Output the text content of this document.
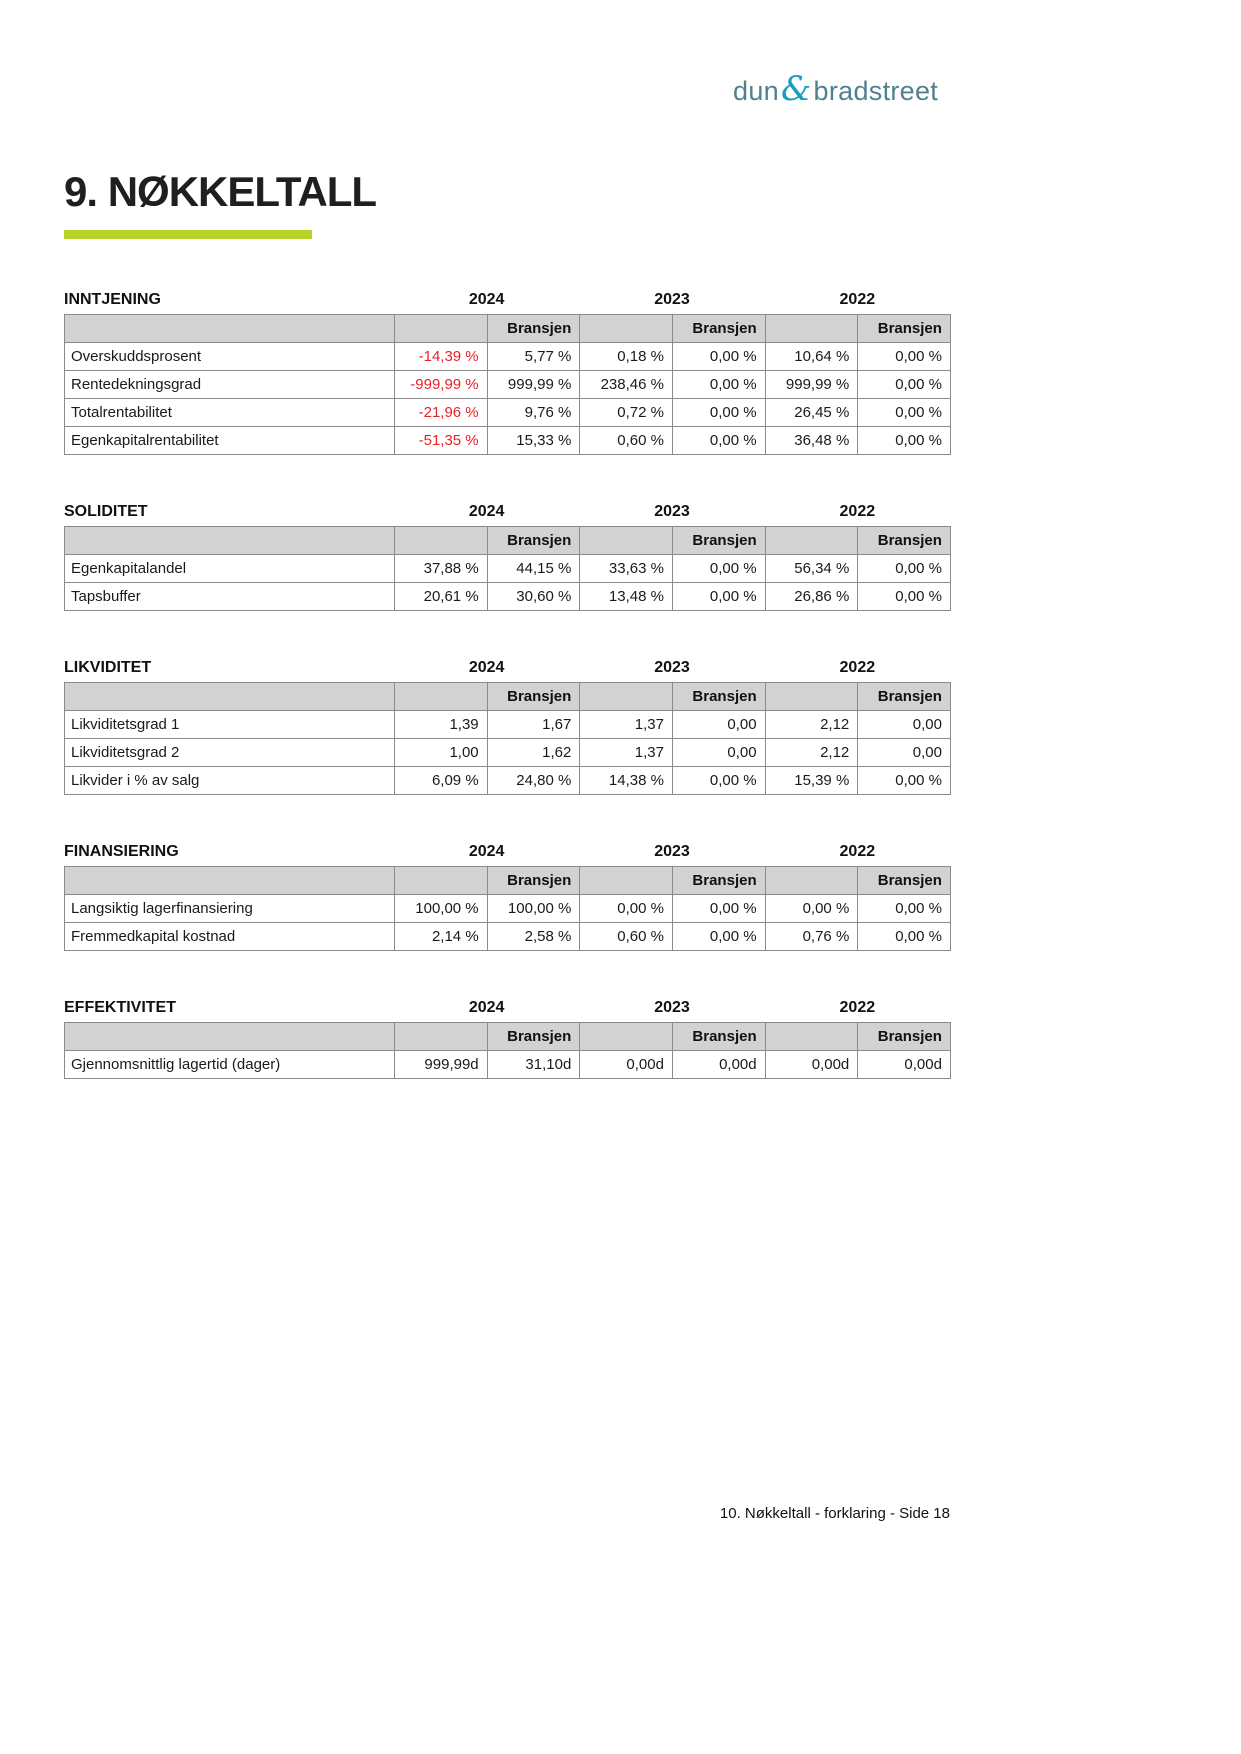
dun & bradstreet
9. NØKKELTALL
INNTJENING	2024	2023	2022
		Bransjen		Bransjen		Bransjen
Overskuddsprosent	-14,39 %	5,77 %	0,18 %	0,00 %	10,64 %	0,00 %
Rentedekningsgrad	-999,99 %	999,99 %	238,46 %	0,00 %	999,99 %	0,00 %
Totalrentabilitet	-21,96 %	9,76 %	0,72 %	0,00 %	26,45 %	0,00 %
Egenkapitalrentabilitet	-51,35 %	15,33 %	0,60 %	0,00 %	36,48 %	0,00 %
SOLIDITET	2024	2023	2022
		Bransjen		Bransjen		Bransjen
Egenkapitalandel	37,88 %	44,15 %	33,63 %	0,00 %	56,34 %	0,00 %
Tapsbuffer	20,61 %	30,60 %	13,48 %	0,00 %	26,86 %	0,00 %
LIKVIDITET	2024	2023	2022
		Bransjen		Bransjen		Bransjen
Likviditetsgrad 1	1,39	1,67	1,37	0,00	2,12	0,00
Likviditetsgrad 2	1,00	1,62	1,37	0,00	2,12	0,00
Likvider i % av salg	6,09 %	24,80 %	14,38 %	0,00 %	15,39 %	0,00 %
FINANSIERING	2024	2023	2022
		Bransjen		Bransjen		Bransjen
Langsiktig lagerfinansiering	100,00 %	100,00 %	0,00 %	0,00 %	0,00 %	0,00 %
Fremmedkapital kostnad	2,14 %	2,58 %	0,60 %	0,00 %	0,76 %	0,00 %
EFFEKTIVITET	2024	2023	2022
		Bransjen		Bransjen		Bransjen
Gjennomsnittlig lagertid (dager)	999,99d	31,10d	0,00d	0,00d	0,00d	0,00d
10. Nøkkeltall - forklaring - Side 18
